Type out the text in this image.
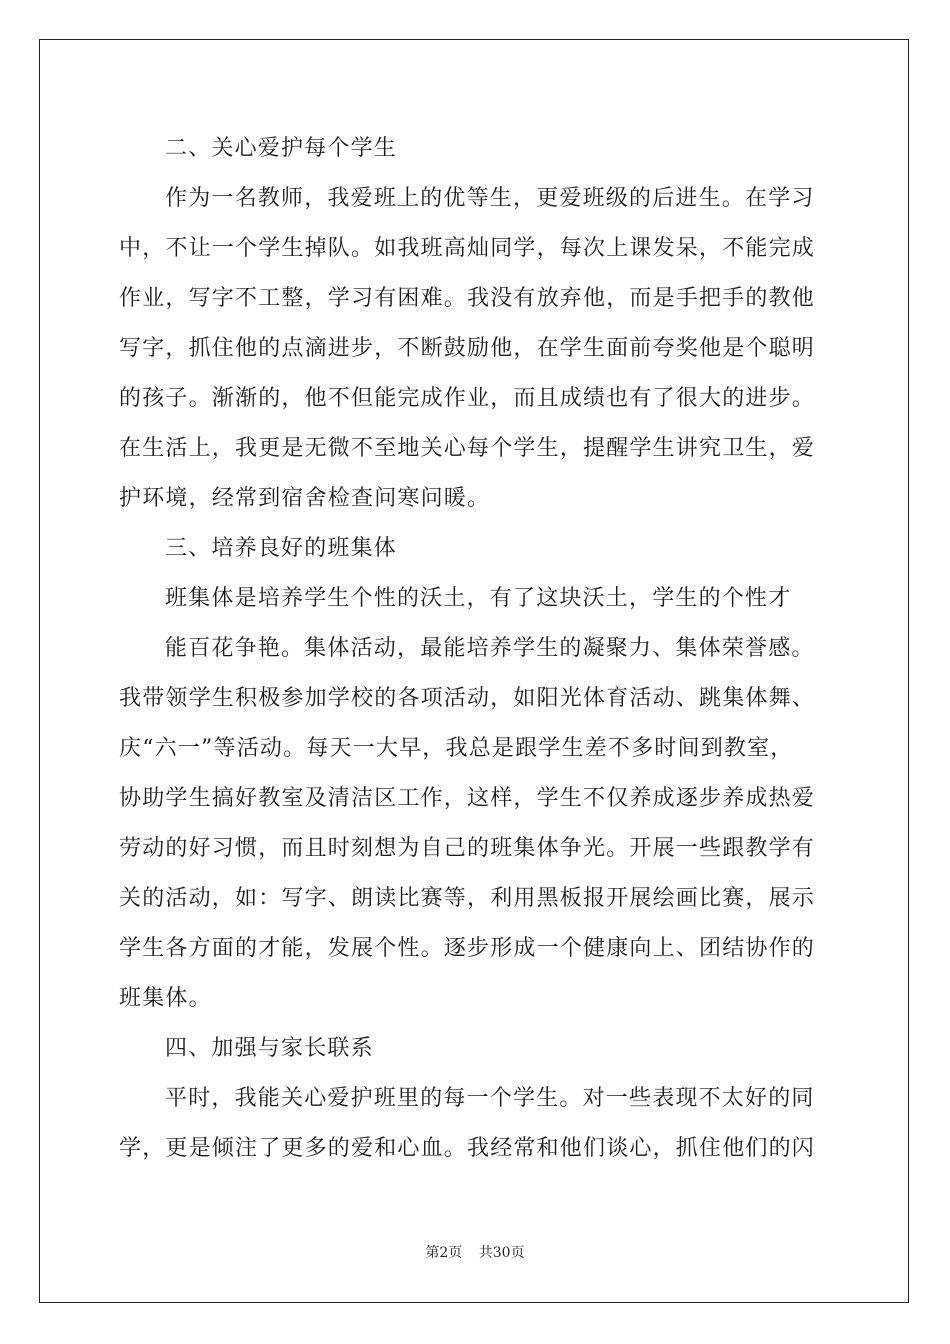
二、关心爱护每个学生
作为一名教师，我爱班上的优等生，更爱班级的后进生。在学习
中，不让一个学生掉队。如我班高灿同学，每次上课发呆，不能完成
作业，写字不工整，学习有困难。我没有放弃他，而是手把手的教他
写字，抓住他的点滴进步，不断鼓励他，在学生面前夸奖他是个聪明
的孩子。渐渐的，他不但能完成作业，而且成绩也有了很大的进步。
在生活上，我更是无微不至地关心每个学生，提醒学生讲究卫生，爱
护环境，经常到宿舍检查问寒问暖。
三、培养良好的班集体
班集体是培养学生个性的沃土，有了这块沃土，学生的个性才
能百花争艳。集体活动，最能培养学生的凝聚力、集体荣誉感。
我带领学生积极参加学校的各项活动，如阳光体育活动、跳集体舞、
庆“六一”等活动。每天一大早，我总是跟学生差不多时间到教室，
协助学生搞好教室及清洁区工作，这样，学生不仅养成逐步养成热爱
劳动的好习惯，而且时刻想为自己的班集体争光。开展一些跟教学有
关的活动，如：写字、朗读比赛等，利用黑板报开展绘画比赛，展示
学生各方面的才能，发展个性。逐步形成一个健康向上、团结协作的
班集体。
四、加强与家长联系
平时，我能关心爱护班里的每一个学生。对一些表现不太好的同
学，更是倾注了更多的爱和心血。我经常和他们谈心，抓住他们的闪
第2页 共30页
